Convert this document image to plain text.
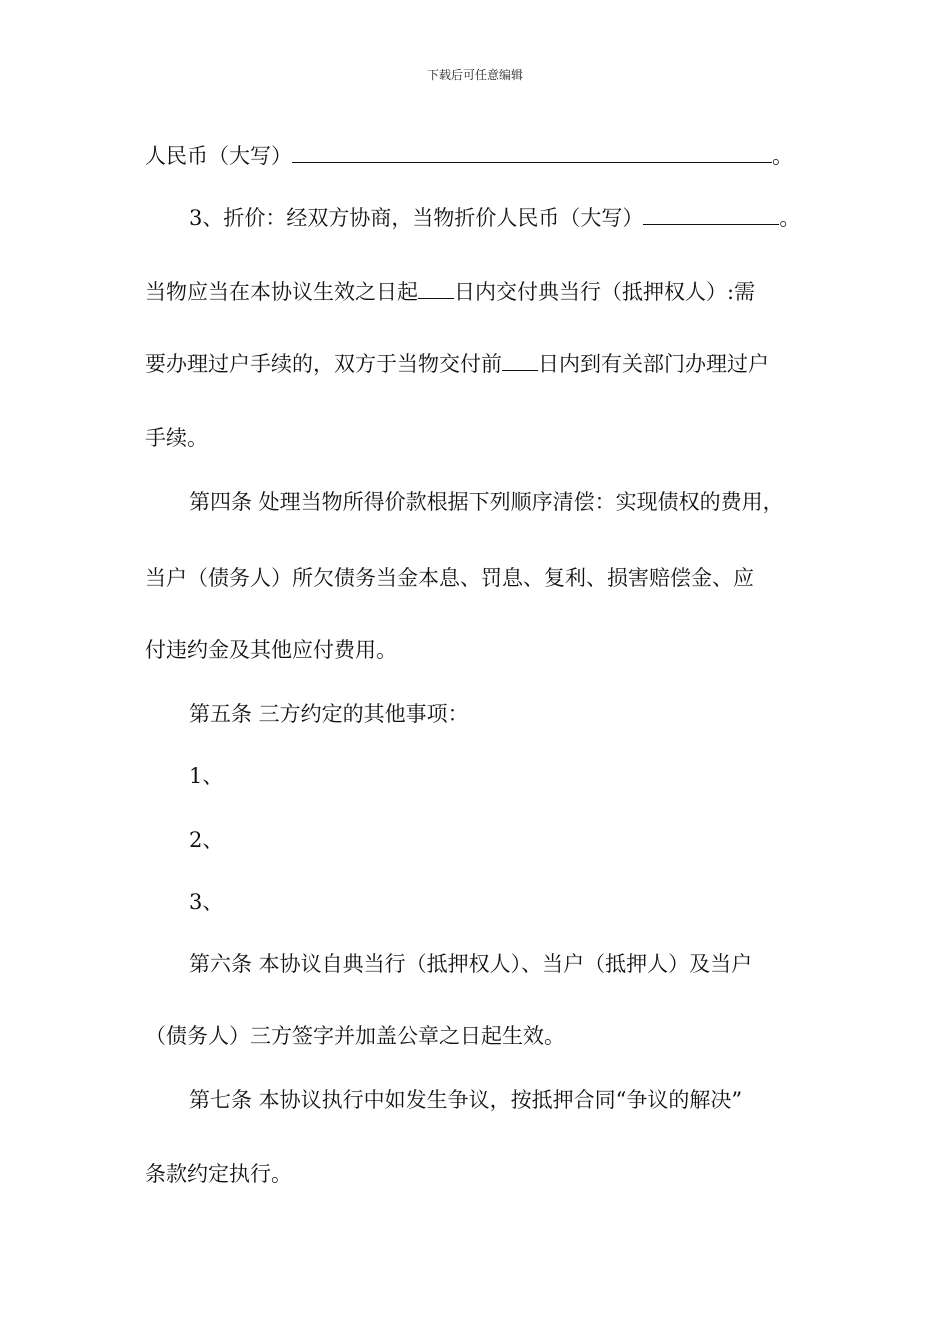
下载后可任意编辑
人民币（大写）	。
3、折价：经双方协商，当物折价人民币（大写）	。
当物应当在本协议生效之日起 日内交付典当行（抵押权人）:需
要办理过户手续的，双方于当物交付前 日内到有关部门办理过户
手续。
第四条 处理当物所得价款根据下列顺序清偿：实现债权的费用，
当户（债务人）所欠债务当金本息、罚息、复利、损害赔偿金、应
付违约金及其他应付费用。
第五条 三方约定的其他事项：
1、
2、
3、
第六条 本协议自典当行（抵押权人）、当户（抵押人）及当户
（债务人）三方签字并加盖公章之日起生效。
第七条 本协议执行中如发生争议，按抵押合同“争议的解决”
条款约定执行。
